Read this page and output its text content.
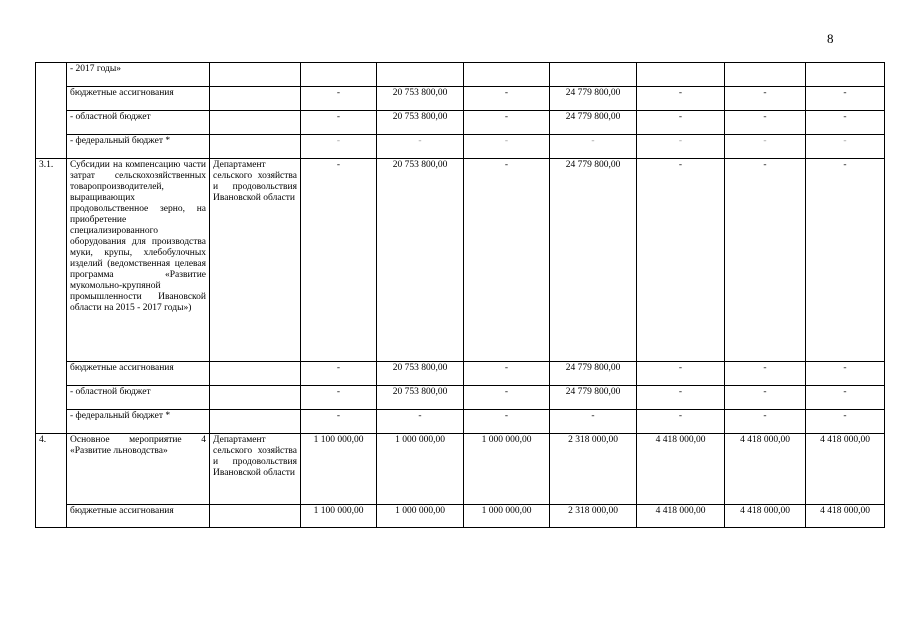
8
	- 2017 годы»								
	бюджетные ассигнования		-	20 753 800,00	-	24 779 800,00	-	-	-
	- областной бюджет		-	20 753 800,00	-	24 779 800,00	-	-	-
	- федеральный бюджет *		-	-	-	-	-	-	-
3.1.	Субсидии на компенсацию части затрат сельскохозяйственных товаропроизводителей, выращивающих продовольственное зерно, на приобретение специализированного оборудования для производства муки, крупы, хлебобулочных изделий (ведомственная целевая программа «Развитие мукомольно-крупяной промышленности Ивановской области на 2015 - 2017 годы»)	Департамент сельского хозяйства и продовольствия Ивановской области	-	20 753 800,00	-	24 779 800,00	-	-	-
	бюджетные ассигнования		-	20 753 800,00	-	24 779 800,00	-	-	-
	- областной бюджет		-	20 753 800,00	-	24 779 800,00	-	-	-
	- федеральный бюджет *		-	-	-	-	-	-	-
4.	Основное мероприятие 4 «Развитие льноводства»	Департамент сельского хозяйства и продовольствия Ивановской области	1 100 000,00	1 000 000,00	1 000 000,00	2 318 000,00	4 418 000,00	4 418 000,00	4 418 000,00
	бюджетные ассигнования		1 100 000,00	1 000 000,00	1 000 000,00	2 318 000,00	4 418 000,00	4 418 000,00	4 418 000,00
